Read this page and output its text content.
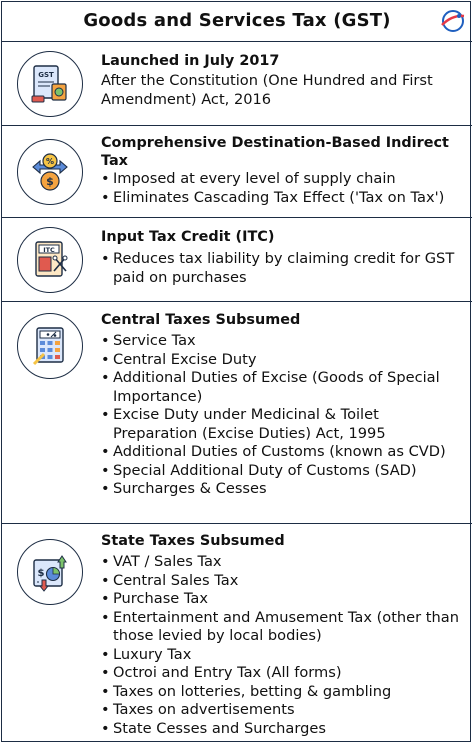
Goods and Services Tax (GST)
GST
Launched in July 2017
After the Constitution (One Hundred and First Amendment) Act, 2016
%
$
Comprehensive Destination-Based Indirect Tax
• Imposed at every level of supply chain
• Eliminates Cascading Tax Effect ('Tax on Tax')
ITC
Input Tax Credit (ITC)
• Reduces tax liability by claiming credit for GST paid on purchases
Central Taxes Subsumed
• Service Tax
• Central Excise Duty
• Additional Duties of Excise (Goods of Special Importance)
• Excise Duty under Medicinal & Toilet Preparation (Excise Duties) Act, 1995
• Additional Duties of Customs (known as CVD)
• Special Additional Duty of Customs (SAD)
• Surcharges & Cesses
$
State Taxes Subsumed
• VAT / Sales Tax
• Central Sales Tax
• Purchase Tax
• Entertainment and Amusement Tax (other than those levied by local bodies)
• Luxury Tax
• Octroi and Entry Tax (All forms)
• Taxes on lotteries, betting & gambling
• Taxes on advertisements
• State Cesses and Surcharges
